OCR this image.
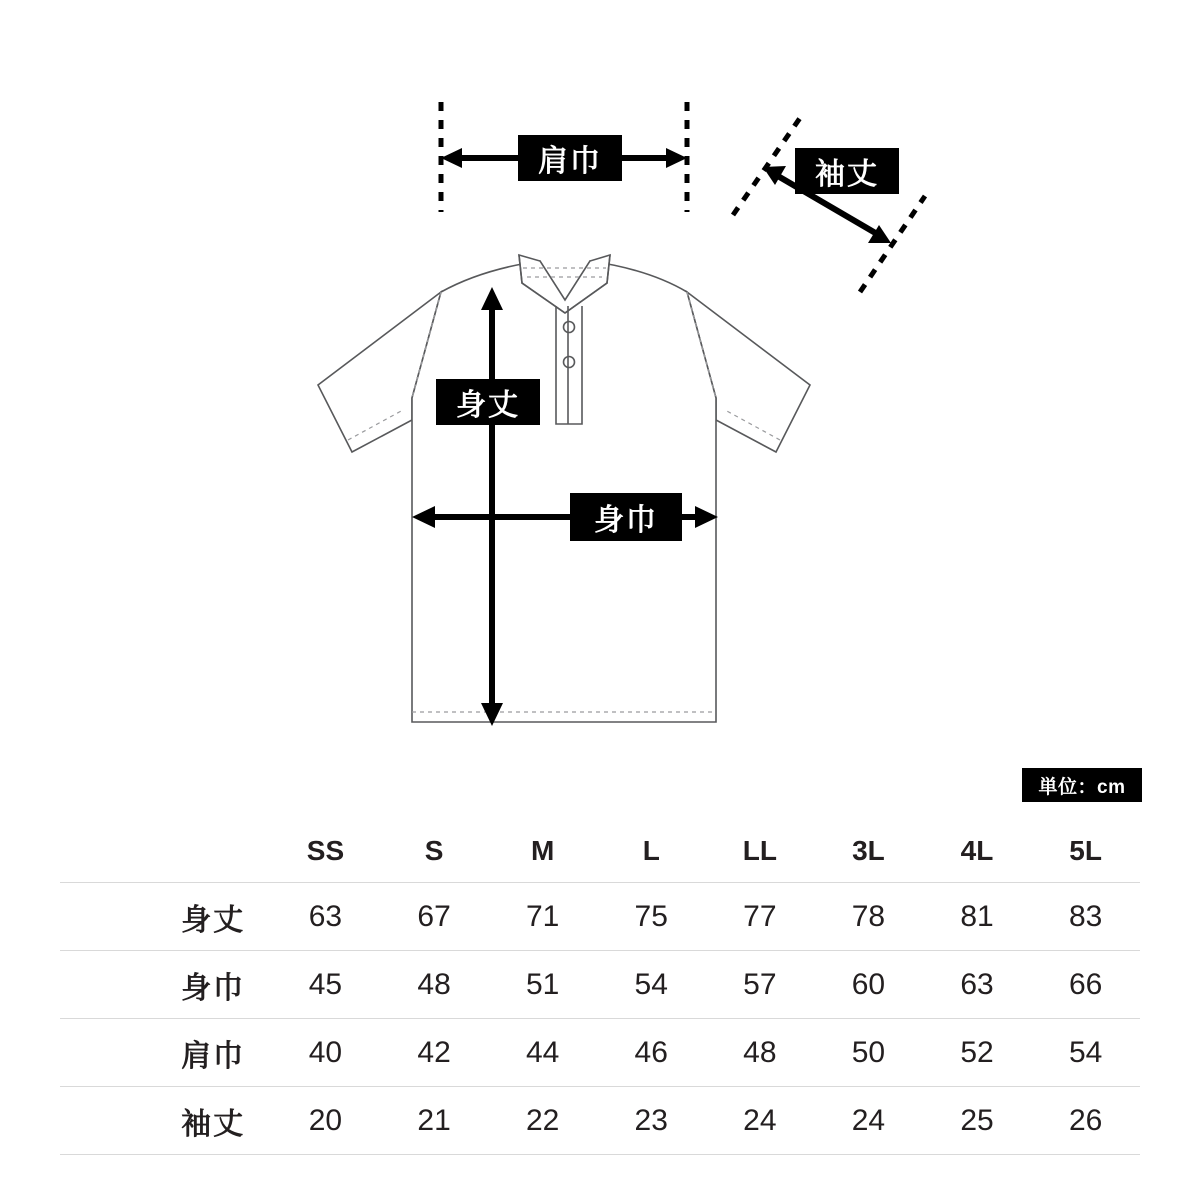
肩巾	袖丈
身丈
身巾
単位：cm
	SS	S	M	L	LL	3L	4L	5L
身丈	63	67	71	75	77	78	81	83
身巾	45	48	51	54	57	60	63	66
肩巾	40	42	44	46	48	50	52	54
袖丈	20	21	22	23	24	24	25	26
